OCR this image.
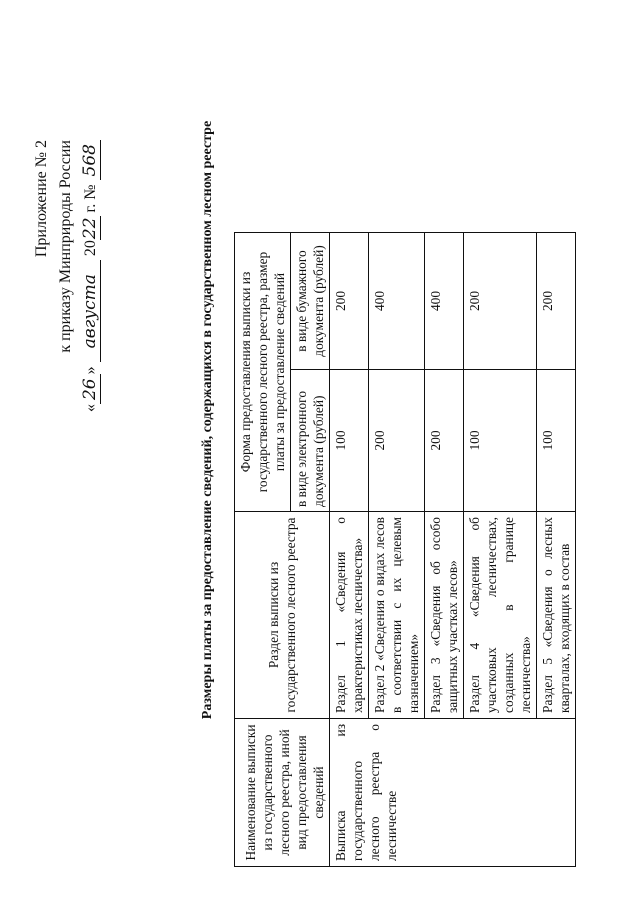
Приложение № 2 к приказу Минприроды России
«26» августа 2022 г. № 568	Размеры платы за предоставление сведений, содержащихся в государственном лесном реестре
Наименование выписки из государственного лесного реестра, иной вид предоставления сведений	Раздел выписки из государственного лесного реестра	Форма предоставления выписки из государственного лесного реестра, размер платы за предоставление сведений	
		в виде электронного документа (рублей)	в виде бумажного документа (рублей)
Выписка из государственного лесного реестра о лесничестве	Раздел 1 «Сведения о характеристиках лесничества»	100	200
	Раздел 2 «Сведения о видах лесов в соответствии с их целевым назначением»	200	400
	Раздел 3 «Сведения об особо защитных участках лесов»	200	400
	Раздел 4 «Сведения об участковых лесничествах, созданных в границе лесничества»	100	200
	Раздел 5 «Сведения о лесных кварталах, входящих в состав	100	200
